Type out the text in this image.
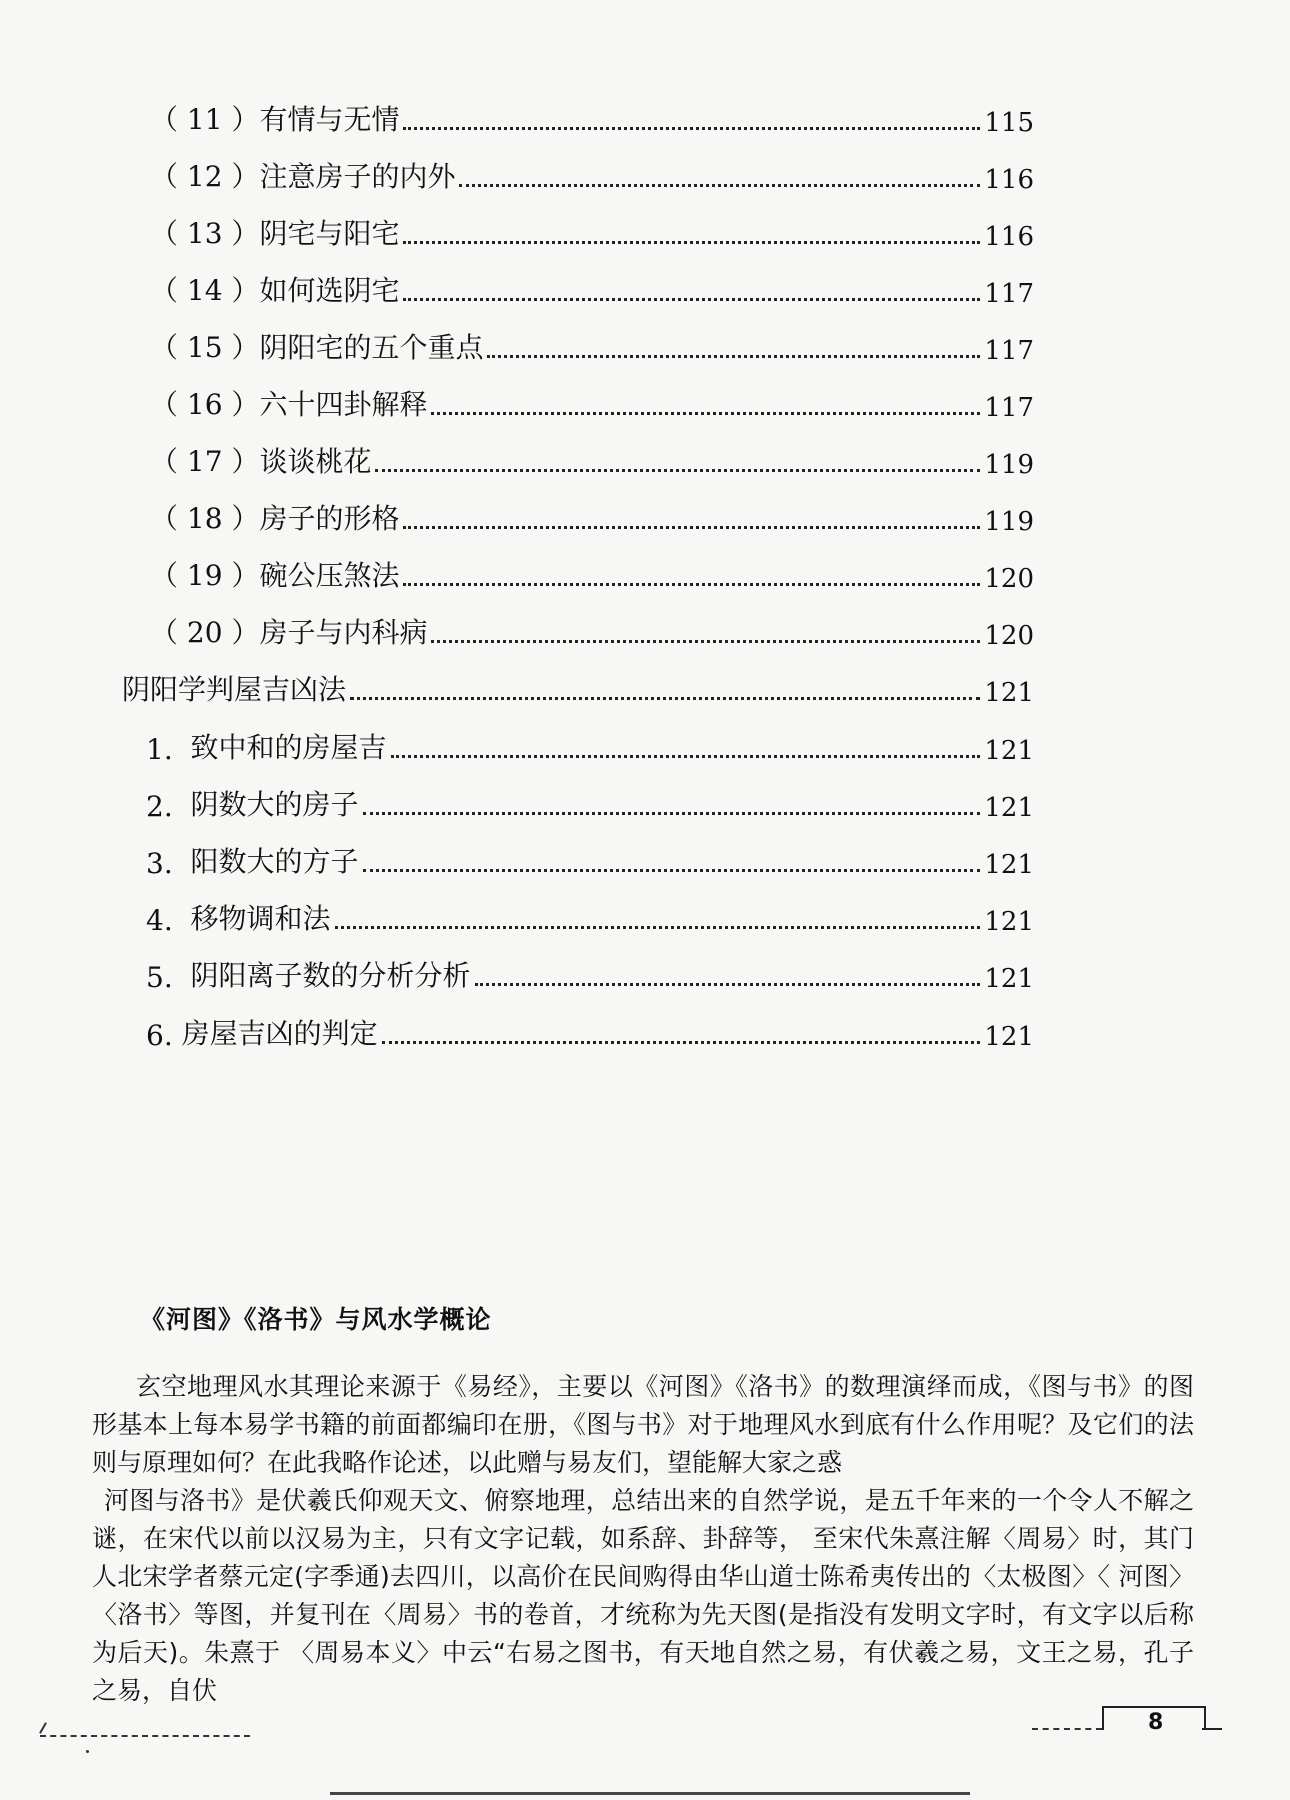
（ 11 ） 有情与无情	115
（ 12 ） 注意房子的内外	116
（ 13 ） 阴宅与阳宅	116
（ 14 ） 如何选阴宅	117
（ 15 ） 阴阳宅的五个重点	117
（ 16 ） 六十四卦解释	117
（ 17 ） 谈谈桃花	119
（ 18 ） 房子的形格	119
（ 19 ） 碗公压煞法	120
（ 20 ） 房子与内科病	120
阴阳学判屋吉凶法	121
1. 致中和的房屋吉	121
2. 阴数大的房子	121
3. 阳数大的方子	121
4. 移物调和法	121
5. 阴阳离子数的分析分析	121
6. 房屋吉凶的判定	121
《河图》《洛书》与风水学概论

玄空地理风水其理论来源于《易经》，主要以《河图》《洛书》的数理演绎而成，《图与书》的图形基本上每本易学书籍的前面都编印在册，《图与书》对于地理风水到底有什么作用呢？及它们的法则与原理如何？在此我略作论述，以此赠与易友们，望能解大家之惑

河图与洛书》是伏羲氏仰观天文、俯察地理，总结出来的自然学说，是五千年来的一个令人不解之谜，在宋代以前以汉易为主，只有文字记载，如系辞、卦辞等， 至宋代朱熹注解〈周易〉时，其门人北宋学者蔡元定(字季通)去四川，以高价在民间购得由华山道士陈希夷传出的〈太极图〉〈 河图〉〈洛书〉等图，并复刊在〈周易〉书的卷首，才统称为先天图(是指没有发明文字时，有文字以后称为后天)。朱熹于 〈周易本义〉中云“右易之图书，有天地自然之易，有伏羲之易，文王之易，孔子之易，自伏

8
